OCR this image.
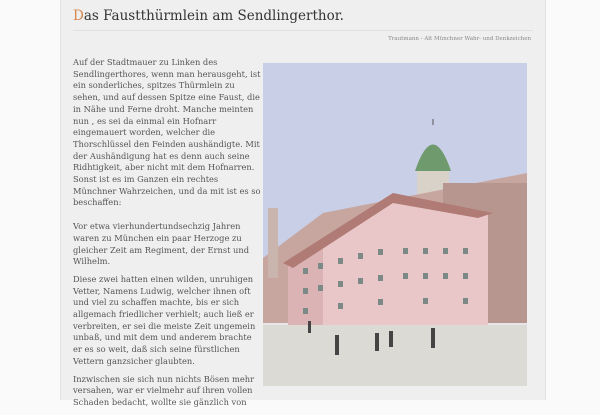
Das Faustthürmlein am Sendlingerthor.
Trautmann - Alt Münchner Wahr- und Denkzeichen

Auf der Stadtmauer zu Linken des Sendlingerthores, wenn man herausgeht, ist ein sonderliches, spitzes Thürmlein zu sehen, und auf dessen Spitze eine Faust, die in Nähe und Ferne droht. Manche meinten nun , es sei da einmal ein Hofnarr eingemauert worden, welcher die Thorschlüssel den Feinden aushändigte. Mit der Aushändigung hat es denn auch seine Ridhtigkeit, aber nicht mit dem Hofnarren. Sonst ist es im Ganzen ein rechtes Münchner Wahrzeichen, und da mit ist es so beschaffen:

Vor etwa vierhundertundsechzig Jahren waren zu München ein paar Herzoge zu gleicher Zeit am Regiment, der Ernst und Wilhelm.

Diese zwei hatten einen wilden, unruhigen Vetter, Namens Ludwig, welcher ihnen oft und viel zu schaffen machte, bis er sich allgemach friedlicher verhielt; auch ließ er verbreiten, er sei die meiste Zeit ungemein unbaß, und mit dem und anderem brachte er es so weit, daß sich seine fürstlichen Vettern ganzsicher glaubten.

Inzwischen sie sich nun nichts Bösen mehr versahen, war er vielmehr auf ihren vollen Schaden bedacht, wollte sie gänzlich von
